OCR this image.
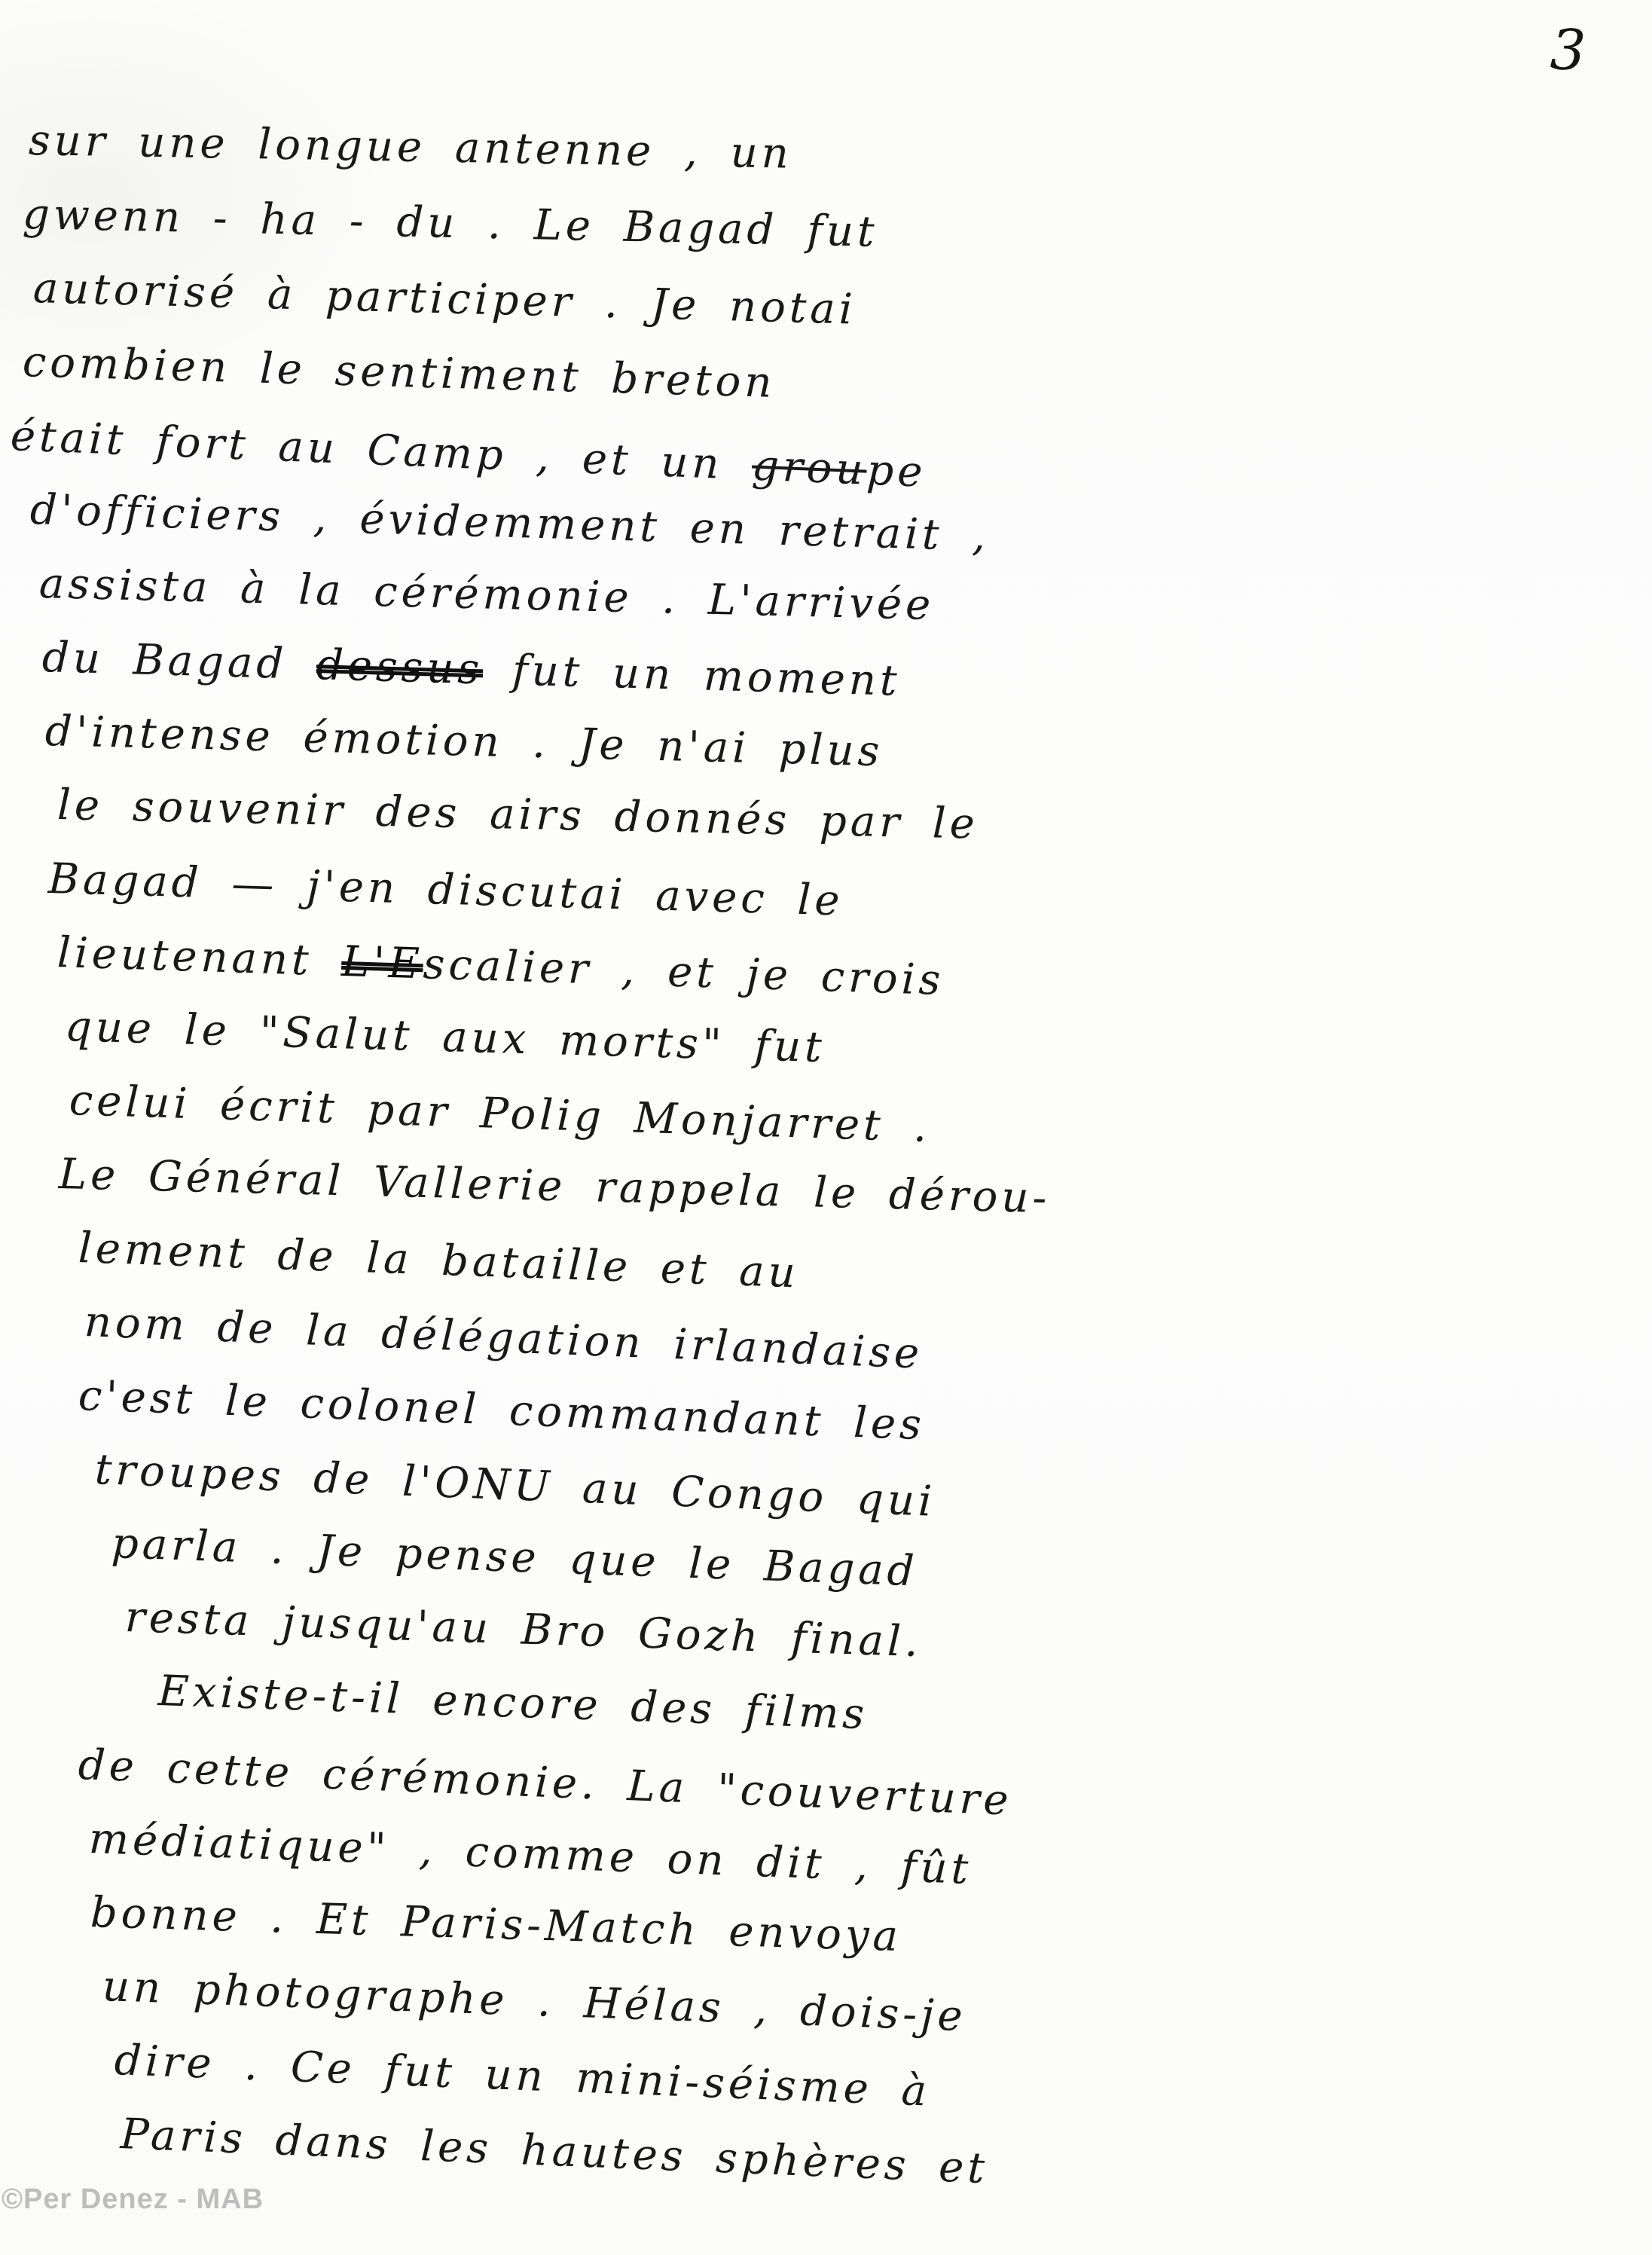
3
sur une longue antenne , un
gwenn - ha - du . Le Bagad fut
autorisé à participer . Je notai
combien le sentiment breton
était fort au Camp , et un groupe
d'officiers , évidemment en retrait ,
assista à la cérémonie . L'arrivée
du Bagad dessus fut un moment
d'intense émotion . Je n'ai plus
le souvenir des airs donnés par le
Bagad — j'en discutai avec le
lieutenant L'Escalier , et je crois
que le "Salut aux morts" fut
celui écrit par Polig Monjarret .
Le Général Vallerie rappela le dérou-
lement de la bataille et au
nom de la délégation irlandaise
c'est le colonel commandant les
troupes de l'ONU au Congo qui
parla . Je pense que le Bagad
resta jusqu'au Bro Gozh final.
Existe-t-il encore des films
de cette cérémonie. La "couverture
médiatique" , comme on dit , fût
bonne . Et Paris-Match envoya
un photographe . Hélas , dois-je
dire . Ce fut un mini-séisme à
Paris dans les hautes sphères et
©Per Denez - MAB
